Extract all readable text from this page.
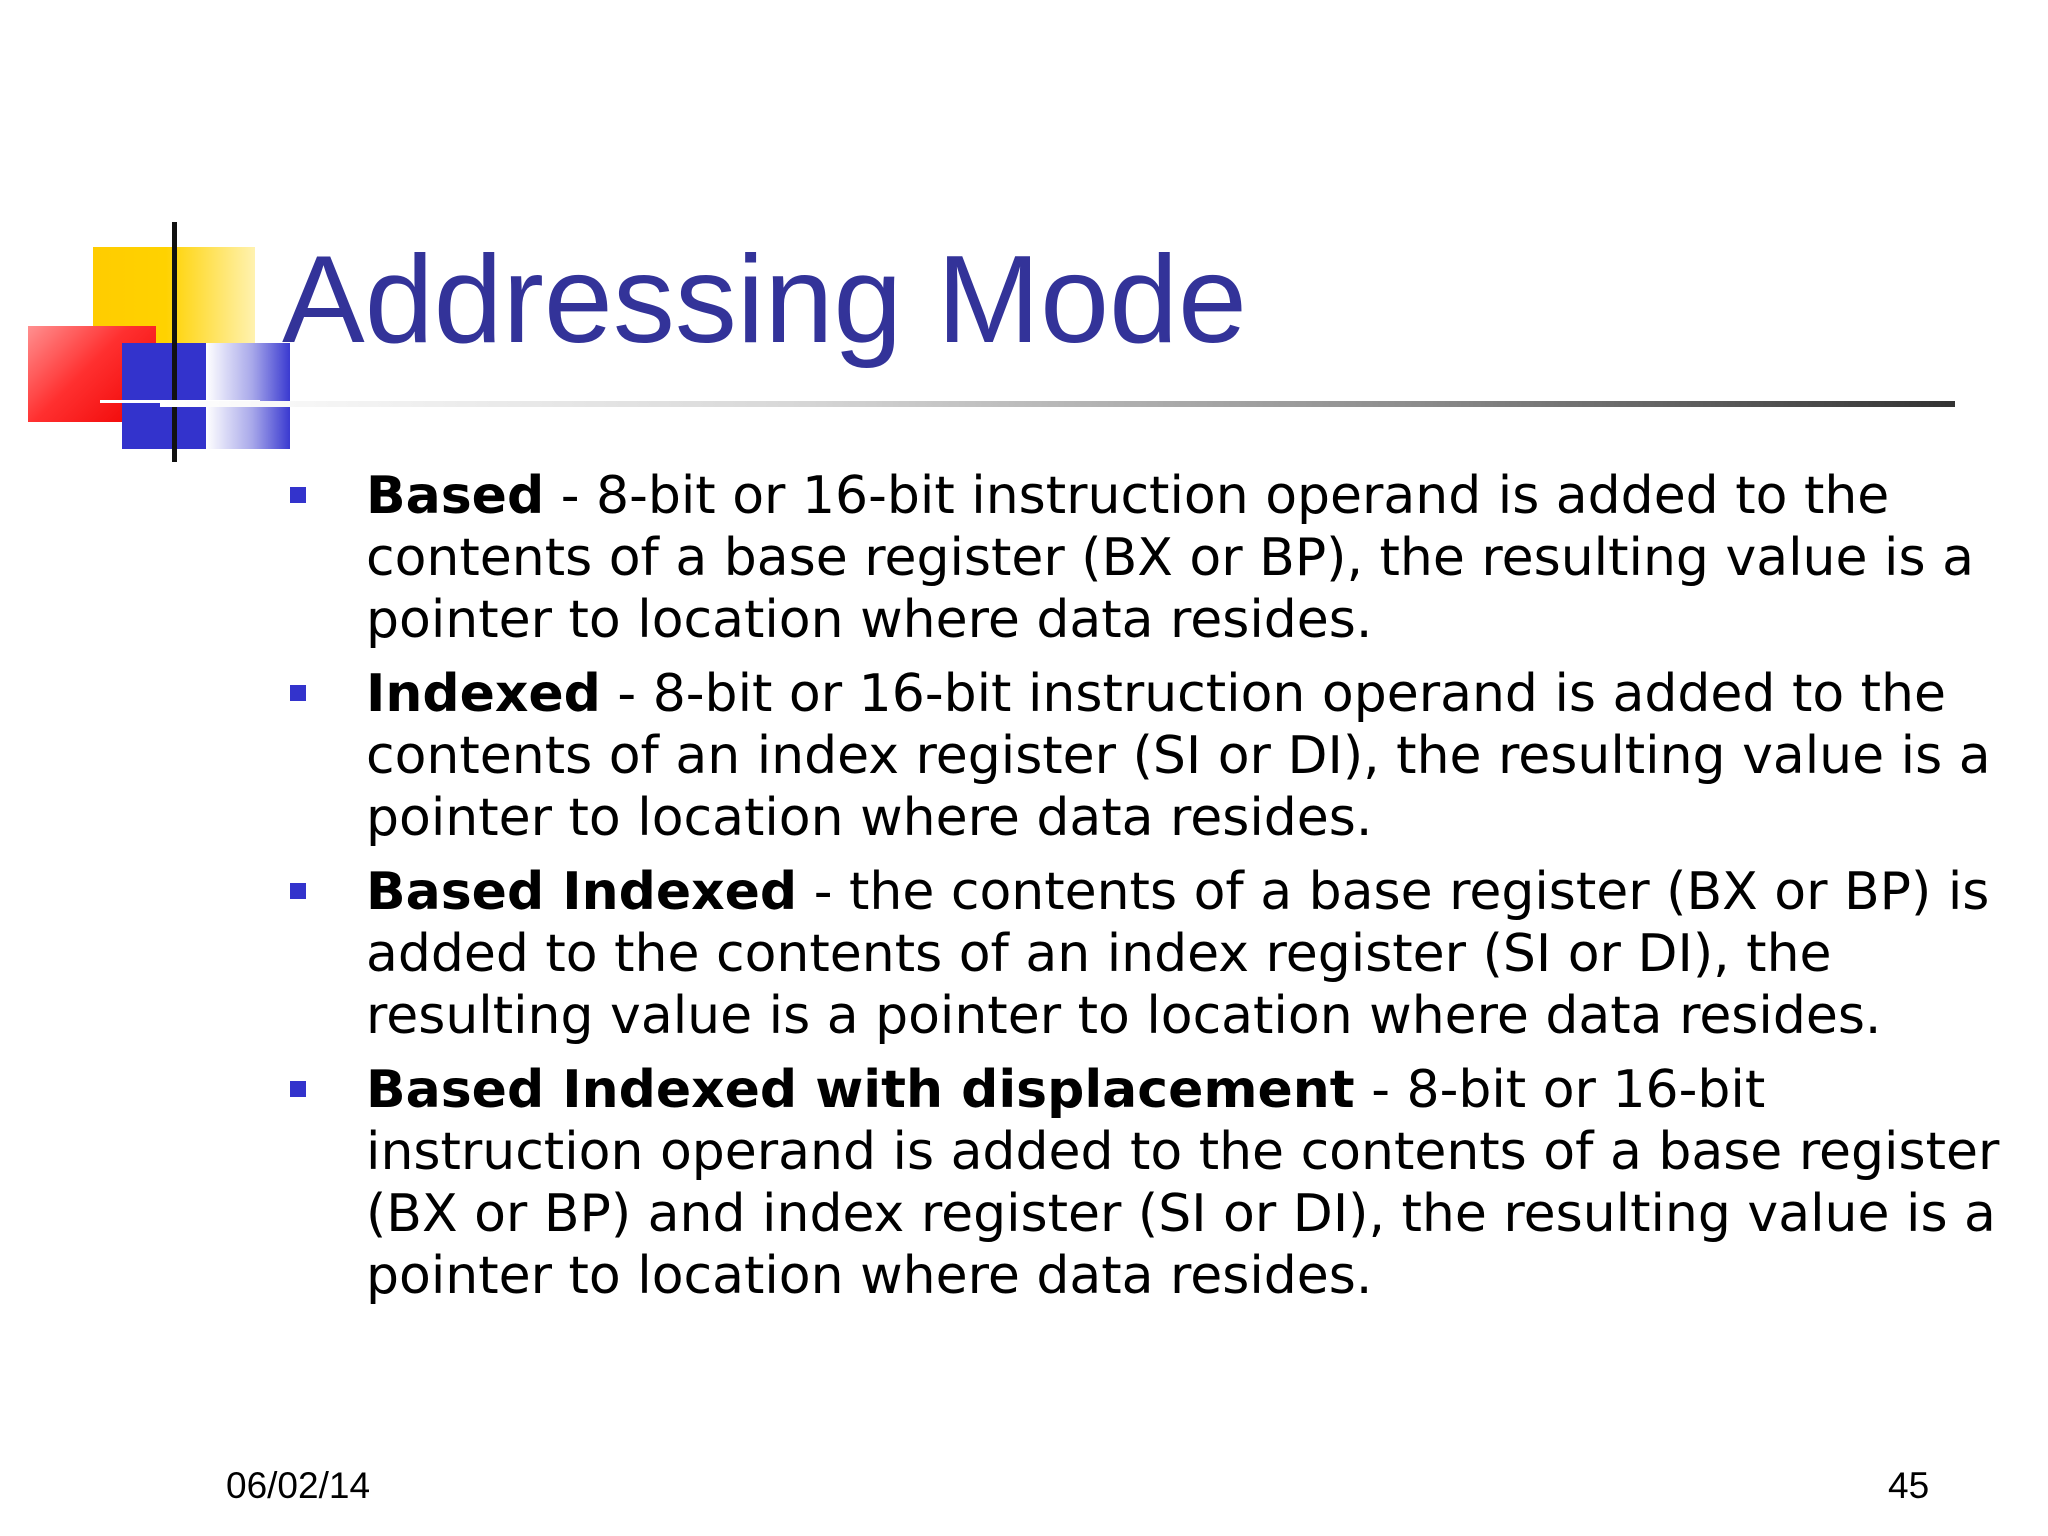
Addressing Mode
Based - 8-bit or 16-bit instruction operand is added to the contents of a base register (BX or BP), the resulting value is a pointer to location where data resides.
Indexed - 8-bit or 16-bit instruction operand is added to the contents of an index register (SI or DI), the resulting value is a pointer to location where data resides.
Based Indexed - the contents of a base register (BX or BP) is added to the contents of an index register (SI or DI), the resulting value is a pointer to location where data resides.
Based Indexed with displacement - 8-bit or 16-bit instruction operand is added to the contents of a base register (BX or BP) and index register (SI or DI), the resulting value is a pointer to location where data resides.
06/02/14	45
